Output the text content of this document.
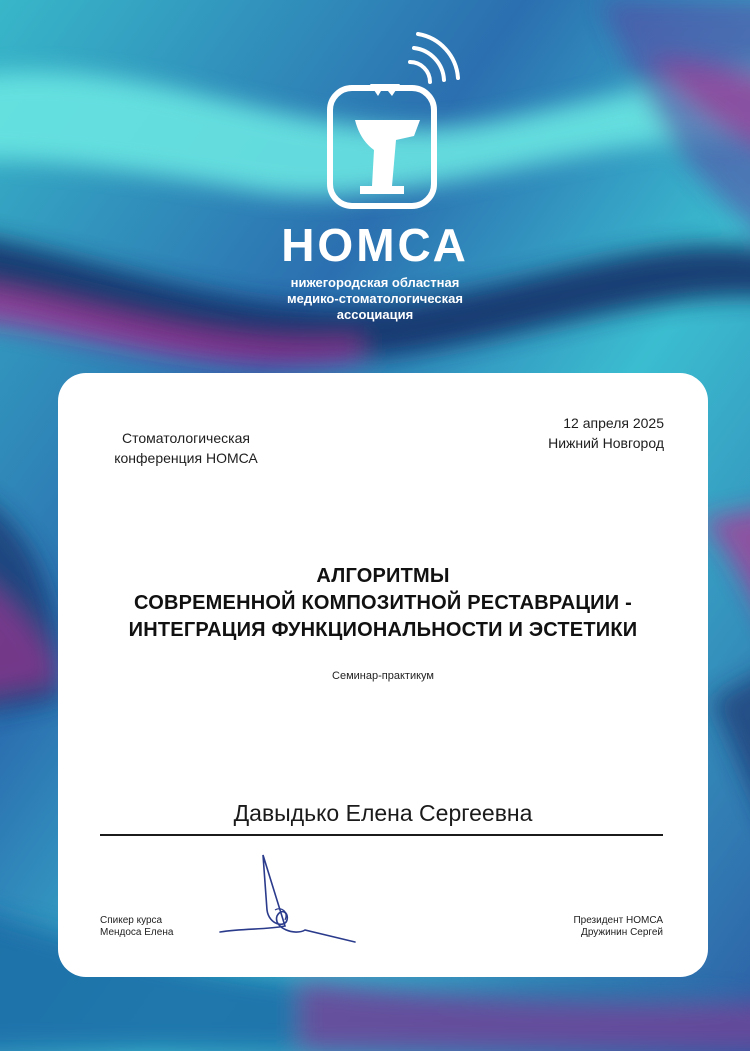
НОМСА
нижегородская областная
медико-стоматологическая
ассоциация
Стоматологическая
конференция НОМСА
12 апреля 2025
Нижний Новгород
АЛГОРИТМЫ
СОВРЕМЕННОЙ КОМПОЗИТНОЙ РЕСТАВРАЦИИ -
ИНТЕГРАЦИЯ ФУНКЦИОНАЛЬНОСТИ И ЭСТЕТИКИ
Семинар-практикум
Давыдько Елена Сергеевна
Спикер курса
Мендоса Елена
Президент НОМСА
Дружинин Сергей
